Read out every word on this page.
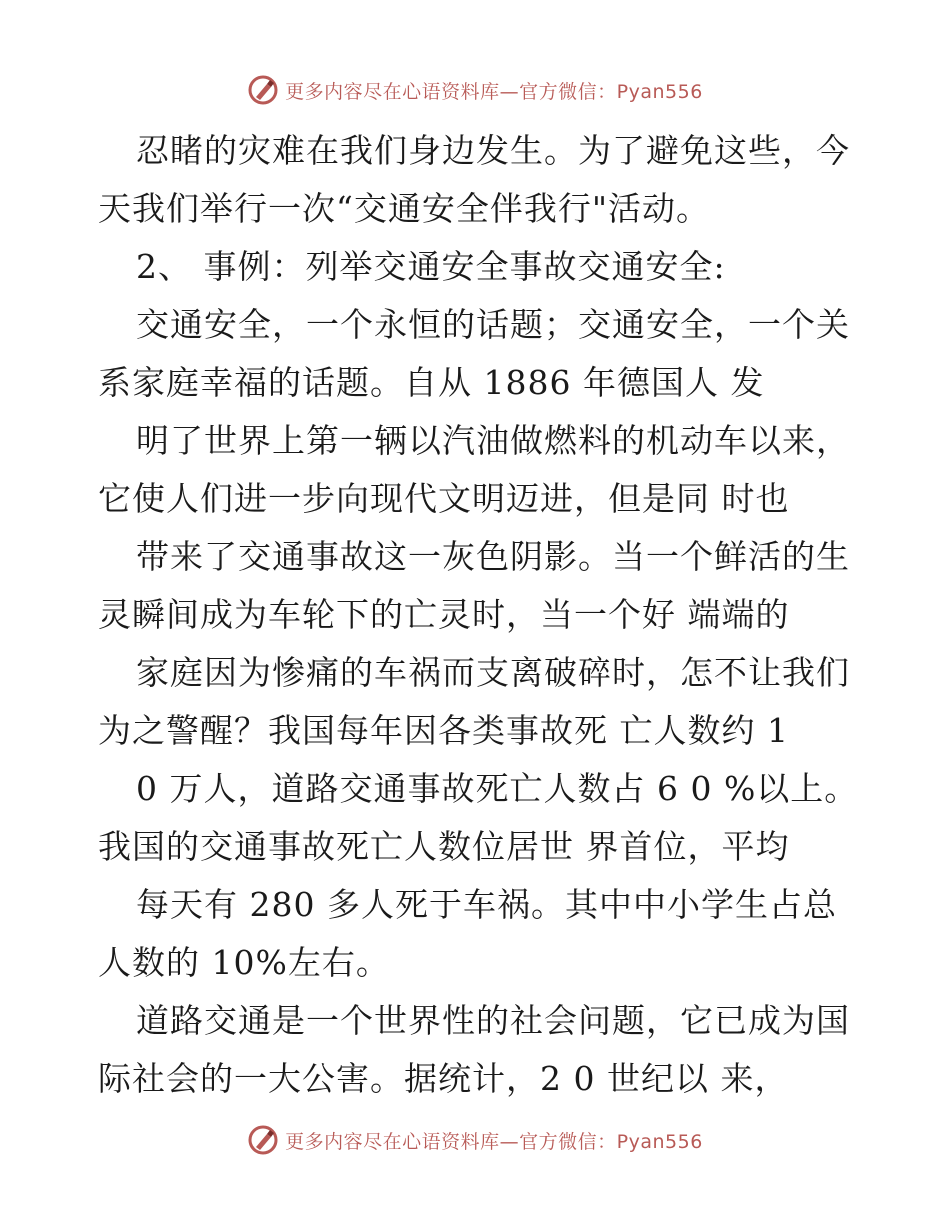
更多内容尽在心语资料库—官方微信：Pyan556
忍睹的灾难在我们身边发生。为了避免这些，今
天我们举行一次“交通安全伴我行"活动。
2、 事例：列举交通安全事故交通安全:
交通安全，一个永恒的话题；交通安全，一个关
系家庭幸福的话题。自从 1886 年德国人 发
明了世界上第一辆以汽油做燃料的机动车以来，
它使人们进一步向现代文明迈进，但是同 时也
带来了交通事故这一灰色阴影。当一个鲜活的生
灵瞬间成为车轮下的亡灵时，当一个好 端端的
家庭因为惨痛的车祸而支离破碎时，怎不让我们
为之警醒？我国每年因各类事故死 亡人数约 1
0 万人，道路交通事故死亡人数占 6 0 %以上。
我国的交通事故死亡人数位居世 界首位，平均
每天有 280 多人死于车祸。其中中小学生占总
人数的 10%左右。
道路交通是一个世界性的社会问题，它已成为国
际社会的一大公害。据统计，2 0 世纪以 来，
更多内容尽在心语资料库—官方微信：Pyan556
